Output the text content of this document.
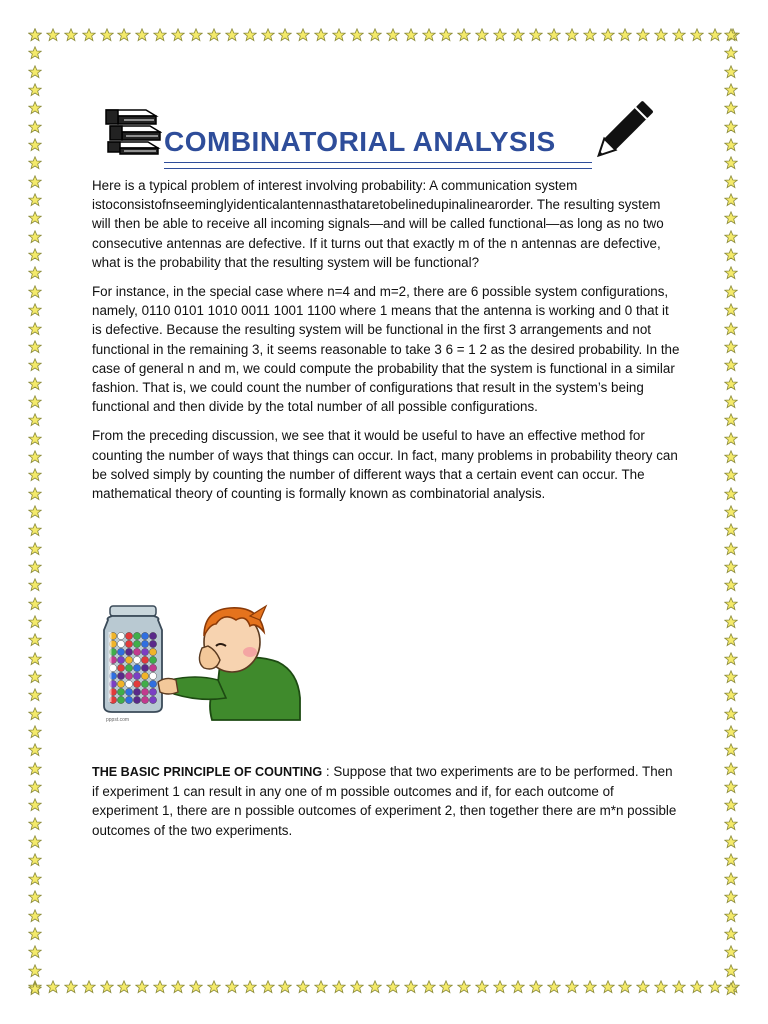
COMBINATORIAL ANALYSIS

Here is a typical problem of interest involving probability: A communication system istoconsistofnseeminglyidenticalantennasthataretobelinedupinalinearorder. The resulting system will then be able to receive all incoming signals—and will be called functional—as long as no two consecutive antennas are defective. If it turns out that exactly m of the n antennas are defective, what is the probability that the resulting system will be functional?

For instance, in the special case where n=4 and m=2, there are 6 possible system configurations, namely, 0110 0101 1010 0011 1001 1100 where 1 means that the antenna is working and 0 that it is defective. Because the resulting system will be functional in the first 3 arrangements and not functional in the remaining 3, it seems reasonable to take 3 6 = 1 2 as the desired probability. In the case of general n and m, we could compute the probability that the system is functional in a similar fashion. That is, we could count the number of configurations that result in the system’s being functional and then divide by the total number of all possible configurations.

From the preceding discussion, we see that it would be useful to have an effective method for counting the number of ways that things can occur. In fact, many problems in probability theory can be solved simply by counting the number of different ways that a certain event can occur. The mathematical theory of counting is formally known as combinatorial analysis.

pppst.com
THE BASIC PRINCIPLE OF COUNTING : Suppose that two experiments are to be performed. Then if experiment 1 can result in any one of m possible outcomes and if, for each outcome of experiment 1, there are n possible outcomes of experiment 2, then together there are m*n possible outcomes of the two experiments.
